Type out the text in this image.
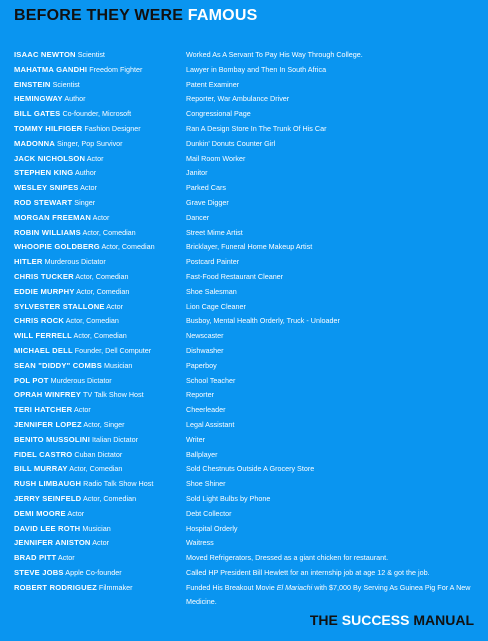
BEFORE THEY WERE FAMOUS
ISAAC NEWTON Scientist	Worked As A Servant To Pay His Way Through College.
MAHATMA GANDHI Freedom Fighter	Lawyer in Bombay and Then In South Africa
EINSTEIN Scientist	Patent Examiner
HEMINGWAY Author	Reporter, War Ambulance Driver
BILL GATES Co-founder, Microsoft	Congressional Page
TOMMY HILFIGER Fashion Designer	Ran A Design Store In The Trunk Of His Car
MADONNA Singer, Pop Survivor	Dunkin' Donuts Counter Girl
JACK NICHOLSON Actor	Mail Room Worker
STEPHEN KING Author	Janitor
WESLEY SNIPES Actor	Parked Cars
ROD STEWART Singer	Grave Digger
MORGAN FREEMAN Actor	Dancer
ROBIN WILLIAMS Actor, Comedian	Street Mime Artist
WHOOPIE GOLDBERG Actor, Comedian	Bricklayer, Funeral Home Makeup Artist
HITLER Murderous Dictator	Postcard Painter
CHRIS TUCKER Actor, Comedian	Fast-Food Restaurant Cleaner
EDDIE MURPHY Actor, Comedian	Shoe Salesman
SYLVESTER STALLONE Actor	Lion Cage Cleaner
CHRIS ROCK Actor, Comedian	Busboy, Mental Health Orderly, Truck - Unloader
WILL FERRELL Actor, Comedian	Newscaster
MICHAEL DELL Founder, Dell Computer	Dishwasher
SEAN "DIDDY" COMBS Musician	Paperboy
POL POT Murderous Dictator	School Teacher
OPRAH WINFREY TV Talk Show Host	Reporter
TERI HATCHER Actor	Cheerleader
JENNIFER LOPEZ Actor, Singer	Legal Assistant
BENITO MUSSOLINI Italian Dictator	Writer
FIDEL CASTRO Cuban Dictator	Ballplayer
BILL MURRAY Actor, Comedian	Sold Chestnuts Outside A Grocery Store
RUSH LIMBAUGH Radio Talk Show Host	Shoe Shiner
JERRY SEINFELD Actor, Comedian	Sold Light Bulbs by Phone
DEMI MOORE Actor	Debt Collector
DAVID LEE ROTH Musician	Hospital Orderly
JENNIFER ANISTON Actor	Waitress
BRAD PITT Actor	Moved Refrigerators, Dressed as a giant chicken for restaurant.
STEVE JOBS Apple Co-founder	Called HP President Bill Hewlett for an internship job at age 12 & got the job.
ROBERT RODRIGUEZ Filmmaker	Funded His Breakout Movie El Mariachi with $7,000 By Serving As Guinea Pig For A New Medicine.
THE SUCCESS MANUAL
